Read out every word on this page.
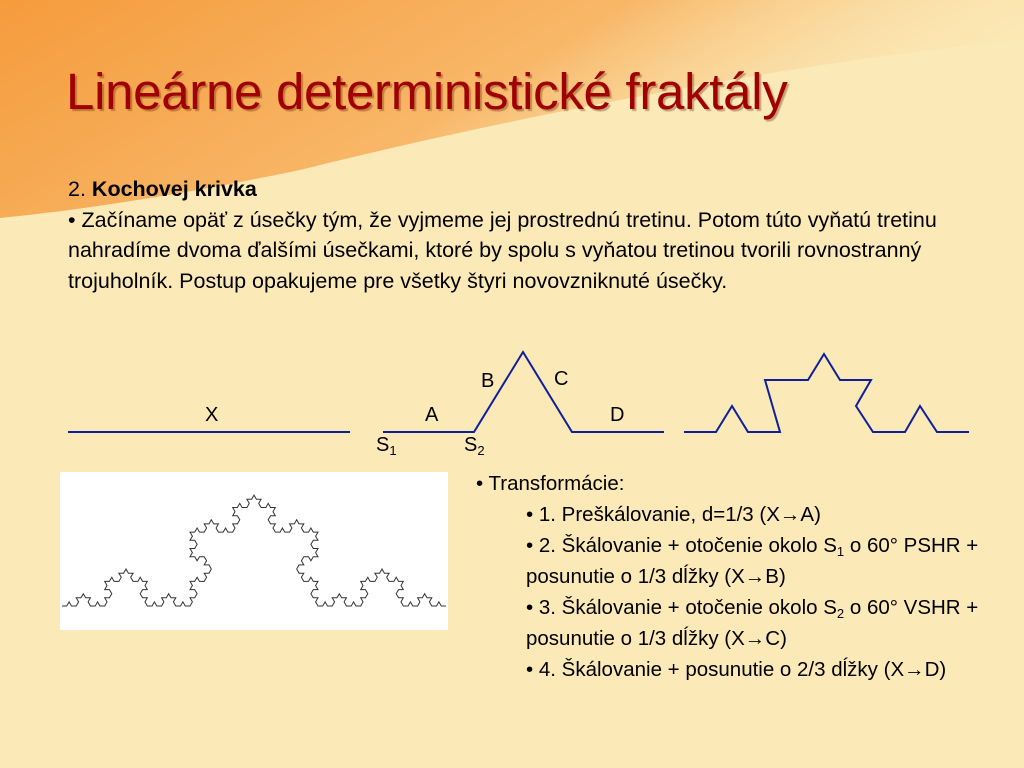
Lineárne deterministické fraktály
2. Kochovej krivka
• Začíname opäť z úsečky tým, že vyjmeme jej prostrednú tretinu. Potom túto vyňatú tretinu nahradíme dvoma ďalšími úsečkami, ktoré by spolu s vyňatou tretinou tvorili rovnostranný trojuholník. Postup opakujeme pre všetky štyri novovzniknuté úsečky.
X	A
B	C
D
$S_1$	$S_2$
• Transformácie:
• 1. Preškálovanie, d=1/3 (X→A)
• 2. Škálovanie + otočenie okolo $S_1$ o 60° PSHR + posunutie o 1/3 dĺžky (X→B)
• 3. Škálovanie + otočenie okolo $S_2$ o 60° VSHR + posunutie o 1/3 dĺžky (X→C)
• 4. Škálovanie + posunutie o 2/3 dĺžky (X→D)
